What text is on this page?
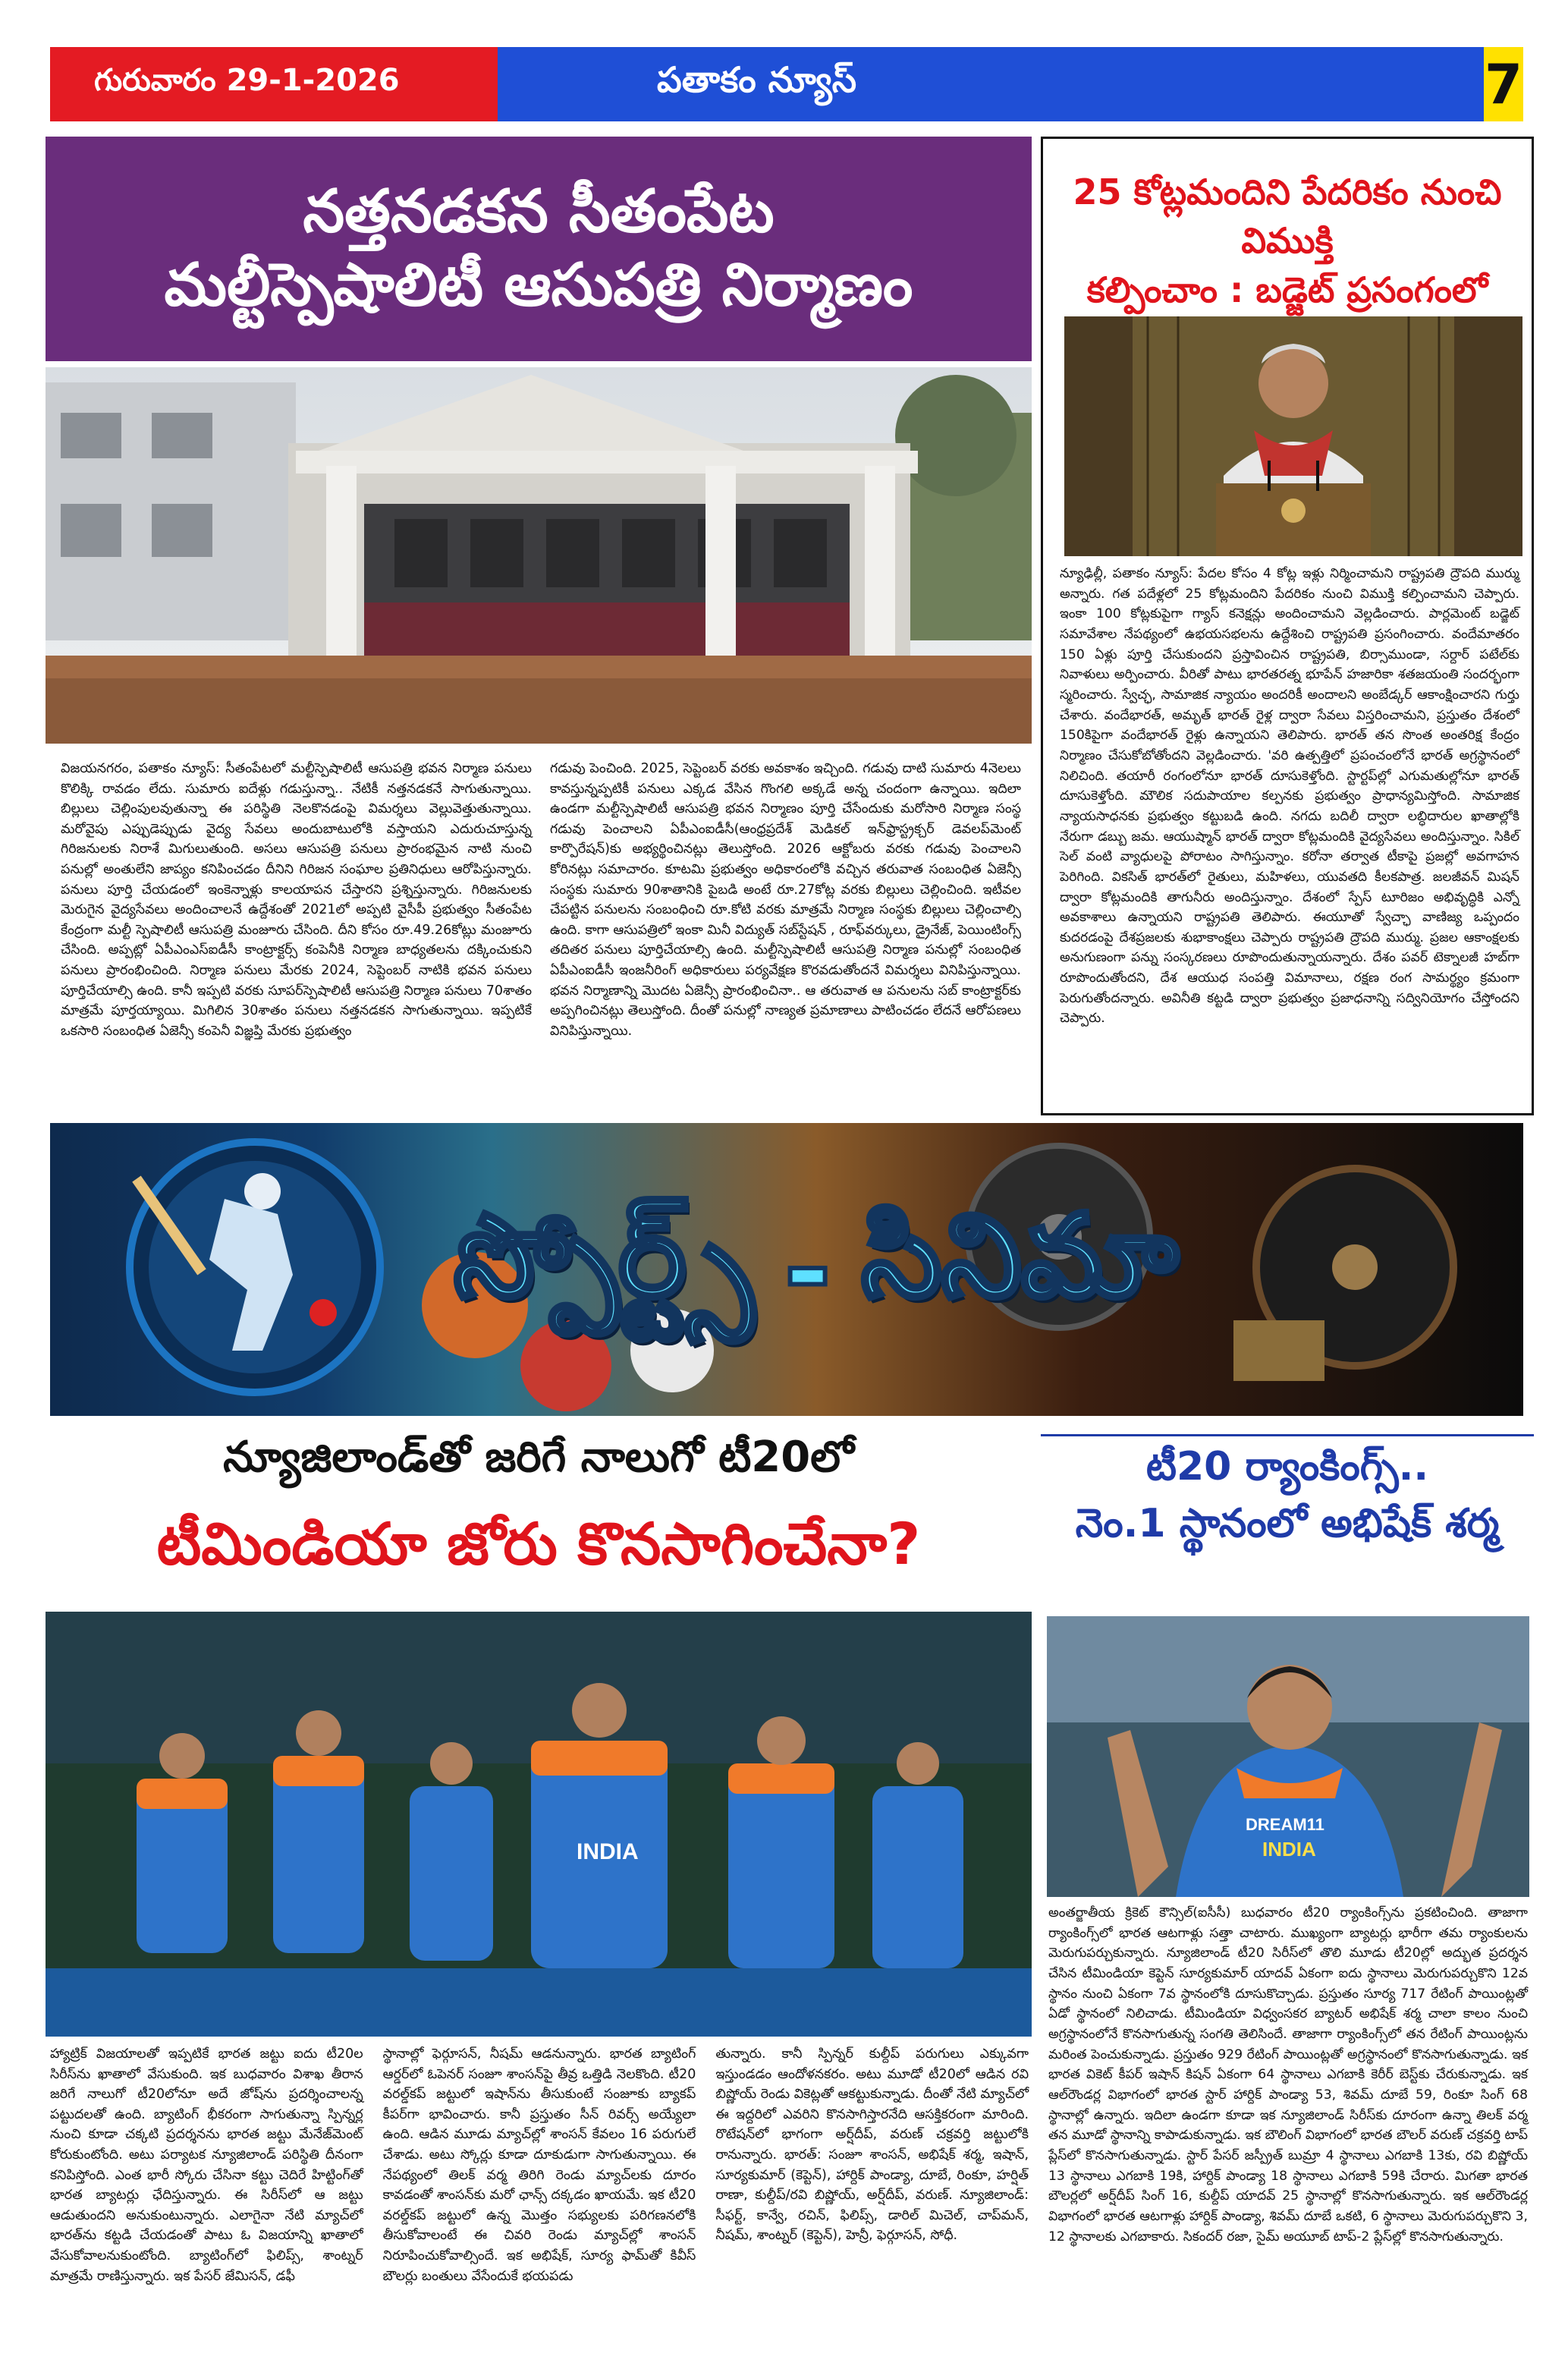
గురువారం 29-1-2026	పతాకం న్యూస్	7
నత్తనడకన సీతంపేట
మల్టీస్పెషాలిటీ ఆసుపత్రి నిర్మాణం
విజయనగరం, పతాకం న్యూస్: సీతంపేటలో మల్టీస్పెషాలిటీ ఆసుపత్రి భవన నిర్మాణ పనులు కొలిక్కి రావడం లేదు. సుమారు ఐదేళ్లు గడుస్తున్నా.. నేటికీ నత్తనడకనే సాగుతున్నాయి. బిల్లులు చెల్లింపులవుతున్నా ఈ పరిస్థితి నెలకొనడంపై విమర్శలు వెల్లువెత్తుతున్నాయి. మరోవైపు ఎప్పుడెప్పుడు వైద్య సేవలు అందుబాటులోకి వస్తాయని ఎదురుచూస్తున్న గిరిజనులకు నిరాశే మిగులుతుంది. అసలు ఆసుపత్రి పనులు ప్రారంభమైన నాటి నుంచి పనుల్లో అంతులేని జాప్యం కనిపించడం దీనిని గిరిజన సంఘాల ప్రతినిధులు ఆరోపిస్తున్నారు. పనులు పూర్తి చేయడంలో ఇంకెన్నాళ్లు కాలయాపన చేస్తారని ప్రశ్నిస్తున్నారు. గిరిజనులకు మెరుగైన వైద్యసేవలు అందించాలనే ఉద్దేశంతో 2021లో అప్పటి వైసీపీ ప్రభుత్వం సీతంపేట కేంద్రంగా మల్టీ స్పెషాలిటీ ఆసుపత్రి మంజూరు చేసింది. దీని కోసం రూ.49.26కోట్లు మంజూరు చేసింది. అప్పట్లో ఏపీఎంఎస్‌ఐడీసీ కాంట్రాక్టర్స్ కంపెనీకి నిర్మాణ బాధ్యతలను దక్కించుకుని పనులు ప్రారంభించింది. నిర్మాణ పనులు మేరకు 2024, సెప్టెంబర్ నాటికి భవన పనులు పూర్తిచేయాల్సి ఉంది. కానీ ఇప్పటి వరకు సూపర్‌స్పెషాలిటీ ఆసుపత్రి నిర్మాణ పనులు 70శాతం మాత్రమే పూర్తయ్యాయి. మిగిలిన 30శాతం పనులు నత్తనడకన సాగుతున్నాయి. ఇప్పటికే ఒకసారి సంబంధిత ఏజెన్సీ కంపెనీ విజ్ఞప్తి మేరకు ప్రభుత్వం
గడువు పెంచింది. 2025, సెప్టెంబర్ వరకు అవకాశం ఇచ్చింది. గడువు దాటి సుమారు 4నెలలు కావస్తున్నప్పటికీ పనులు ఎక్కడ వేసిన గొంగలి అక్కడే అన్న చందంగా ఉన్నాయి. ఇదిలా ఉండగా మల్టీస్పెషాలిటీ ఆసుపత్రి భవన నిర్మాణం పూర్తి చేసేందుకు మరోసారి నిర్మాణ సంస్థ గడువు పెంచాలని ఏపీఎంఐడీసీ(ఆంధ్రప్రదేశ్ మెడికల్ ఇన్‌ఫ్రాస్ట్రక్చర్ డెవలప్‌మెంట్ కార్పొరేషన్)కు అభ్యర్థించినట్లు తెలుస్తోంది. 2026 ఆక్టోబరు వరకు గడువు పెంచాలని కోరినట్లు సమాచారం. కూటమి ప్రభుత్వం అధికారంలోకి వచ్చిన తరువాత సంబంధిత ఏజెన్సీ సంస్థకు సుమారు 90శాతానికి పైబడి అంటే రూ.27కోట్ల వరకు బిల్లులు చెల్లించింది. ఇటీవల చేపట్టిన పనులను సంబంధించి రూ.కోటి వరకు మాత్రమే నిర్మాణ సంస్థకు బిల్లులు చెల్లించాల్సి ఉంది. కాగా ఆసుపత్రిలో ఇంకా మినీ విద్యుత్ సబ్‌స్టేషన్ , రూఫ్‌వర్కులు, డ్రైనేజ్, పెయింటింగ్స్ తదితర పనులు పూర్తిచేయాల్సి ఉంది. మల్టీస్పెషాలిటీ ఆసుపత్రి నిర్మాణ పనుల్లో సంబంధిత ఏపీఎంఐడీసీ ఇంజనీరింగ్ అధికారులు పర్యవేక్షణ కొరవడుతోందనే విమర్శలు వినిపిస్తున్నాయి. భవన నిర్మాణాన్ని మొదట ఏజెన్సీ ప్రారంభించినా.. ఆ తరువాత ఆ పనులను సబ్ కాంట్రాక్టర్‌కు అప్పగించినట్లు తెలుస్తోంది. దీంతో పనుల్లో నాణ్యత ప్రమాణాలు పాటించడం లేదనే ఆరోపణలు వినిపిస్తున్నాయి.
25 కోట్లమందిని పేదరికం నుంచి విముక్తి
కల్పించాం : బడ్జెట్ ప్రసంగంలో
న్యూఢిల్లీ, పతాకం న్యూస్: పేదల కోసం 4 కోట్ల ఇళ్లు నిర్మించామని రాష్ట్రపతి ద్రౌపది ముర్ము అన్నారు. గత పదేళ్లలో 25 కోట్లమందిని పేదరికం నుంచి విముక్తి కల్పించామని చెప్పారు. ఇంకా 100 కోట్లకుపైగా గ్యాస్ కనెక్షన్లు అందించామని వెల్లడించారు. పార్లమెంట్ బడ్జెట్ సమావేశాల నేపథ్యంలో ఉభయసభలను ఉద్దేశించి రాష్ట్రపతి ప్రసంగించారు. వందేమాతరం 150 ఏళ్లు పూర్తి చేసుకుందని ప్రస్తావించిన రాష్ట్రపతి, బిర్సాముండా, సర్దార్ పటేల్‌కు నివాళులు అర్పించారు. వీరితో పాటు భారతరత్న భూపేన్ హజారికా శతజయంతి సందర్భంగా స్మరించారు. స్వేచ్ఛ, సామాజిక న్యాయం అందరికీ అందాలని అంబేడ్కర్ ఆకాంక్షించారని గుర్తు చేశారు. వందేభారత్, అమృత్ భారత్ రైళ్ల ద్వారా సేవలు విస్తరించామని, ప్రస్తుతం దేశంలో 150కిపైగా వందేభారత్ రైళ్లు ఉన్నాయని తెలిపారు. భారత్ తన సొంత అంతరిక్ష కేంద్రం నిర్మాణం చేసుకోబోతోందని వెల్లడించారు. 'వరి ఉత్పత్తిలో ప్రపంచంలోనే భారత్ అగ్రస్థానంలో నిలిచింది. తయారీ రంగంలోనూ భారత్ దూసుకెళ్తోంది. స్టార్టప్‌ల్లో ఎగుమతుల్లోనూ భారత్ దూసుకెళ్తోంది. మౌలిక సదుపాయాల కల్పనకు ప్రభుత్వం ప్రాధాన్యమిస్తోంది. సామాజిక న్యాయసాధనకు ప్రభుత్వం కట్టుబడి ఉంది. నగదు బదిలీ ద్వారా లబ్ధిదారుల ఖాతాల్లోకి నేరుగా డబ్బు జమ. ఆయుష్మాన్ భారత్ ద్వారా కోట్లమందికి వైద్యసేవలు అందిస్తున్నాం. సికిల్ సెల్ వంటి వ్యాధులపై పోరాటం సాగిస్తున్నాం. కరోనా తర్వాత టీకాపై ప్రజల్లో అవగాహన పెరిగింది. వికసిత్ భారత్‌లో రైతులు, మహిళలు, యువతది కీలకపాత్ర. జలజీవన్ మిషన్ ద్వారా కోట్లమందికి తాగునీరు అందిస్తున్నాం. దేశంలో స్పేస్ టూరిజం అభివృద్ధికి ఎన్నో అవకాశాలు ఉన్నాయని రాష్ట్రపతి తెలిపారు. ఈయూతో స్వేచ్ఛా వాణిజ్య ఒప్పందం కుదరడంపై దేశప్రజలకు శుభాకాంక్షలు చెప్పారు రాష్ట్రపతి ద్రౌపది ముర్ము. ప్రజల ఆకాంక్షలకు అనుగుణంగా పన్ను సంస్కరణలు రూపొందుతున్నాయన్నారు. దేశం పవర్ టెక్నాలజీ హబ్‌గా రూపొందుతోందని, దేశ ఆయుధ సంపత్తి విమానాలు, రక్షణ రంగ సామర్థ్యం క్రమంగా పెరుగుతోందన్నారు. అవినీతి కట్టడి ద్వారా ప్రభుత్వం ప్రజాధనాన్ని సద్వినియోగం చేస్తోందని చెప్పారు.
స్పోర్ట్స్ - సినిమా
న్యూజిలాండ్‌తో జరిగే నాలుగో టీ20లో
టీమిండియా జోరు కొనసాగించేనా?
INDIA
హ్యాట్రిక్ విజయాలతో ఇప్పటికే భారత జట్టు ఐదు టీ20ల సిరీస్‌ను ఖాతాలో వేసుకుంది. ఇక బుధవారం విశాఖ తీరాన జరిగే నాలుగో టీ20లోనూ అదే జోష్‌ను ప్రదర్శించాలన్న పట్టుదలతో ఉంది. బ్యాటింగ్ భీకరంగా సాగుతున్నా స్పిన్నర్ల నుంచి కూడా చక్కటి ప్రదర్శనను భారత జట్టు మేనేజ్‌మెంట్ కోరుకుంటోంది. అటు పర్యాటక న్యూజిలాండ్ పరిస్థితి దీనంగా కనిపిస్తోంది. ఎంత భారీ స్కోరు చేసినా కట్టు చెదిరే హిట్టింగ్‌తో భారత బ్యాటర్లు ఛేదిస్తున్నారు. ఈ సిరీస్‌లో ఆ జట్టు ఆడుతుందని అనుకుంటున్నారు. ఎలాగైనా నేటి మ్యాచ్‌లో భారత్‌ను కట్టడి చేయడంతో పాటు ఓ విజయాన్ని ఖాతాలో వేసుకోవాలనుకుంటోంది. బ్యాటింగ్‌లో ఫిలిప్స్, శాంట్నర్ మాత్రమే రాణిస్తున్నారు. ఇక పేసర్ జేమిసన్, డఫీ
స్థానాల్లో ఫెర్గూసన్, నీషమ్ ఆడనున్నారు. భారత బ్యాటింగ్ ఆర్డర్‌లో ఓపెనర్ సంజూ శాంసన్‌పై తీవ్ర ఒత్తిడి నెలకొంది. టీ20 వరల్డ్‌కప్ జట్టులో ఇషాన్‌ను తీసుకుంటే సంజూకు బ్యాకప్ కీపర్‌గా భావించారు. కానీ ప్రస్తుతం సీన్ రివర్స్ అయ్యేలా ఉంది. ఆడిన మూడు మ్యాచ్‌ల్లో శాంసన్ కేవలం 16 పరుగులే చేశాడు. అటు స్కోర్లు కూడా దూకుడుగా సాగుతున్నాయి. ఈ నేపథ్యంలో తిలక్ వర్మ తిరిగి రెండు మ్యాచ్‌లకు దూరం కావడంతో శాంసన్‌కు మరో ఛాన్స్ దక్కడం ఖాయమే. ఇక టీ20 వరల్డ్‌కప్ జట్టులో ఉన్న మొత్తం సభ్యులకు పరిగణనలోకి తీసుకోవాలంటే ఈ చివరి రెండు మ్యాచ్‌ల్లో శాంసన్ నిరూపించుకోవాల్సిందే. ఇక అభిషేక్, సూర్య ఫామ్‌తో కివీస్ బౌలర్లు బంతులు వేసేందుకే భయపడు
తున్నారు. కానీ స్పిన్నర్ కుల్దీప్ పరుగులు ఎక్కువగా ఇస్తుండడం ఆందోళనకరం. అటు మూడో టీ20లో ఆడిన రవి బిష్ణోయ్ రెండు వికెట్లతో ఆకట్టుకున్నాడు. దీంతో నేటి మ్యాచ్‌లో ఈ ఇద్దరిలో ఎవరిని కొనసాగిస్తారనేది ఆసక్తికరంగా మారింది. రొటేషన్‌లో భాగంగా అర్ష్‌దీప్, వరుణ్ చక్రవర్తి జట్టులోకి రానున్నారు. భారత్: సంజూ శాంసన్, అభిషేక్ శర్మ, ఇషాన్, సూర్యకుమార్ (కెప్టెన్), హార్దిక్ పాండ్యా, దూబే, రింకూ, హర్షిత్ రాణా, కుల్దీప్/రవి బిష్ణోయ్, అర్ష్‌దీప్, వరుణ్. న్యూజిలాండ్: సీఫర్ట్, కాన్వే, రచిన్, ఫిలిప్స్, డారిల్ మిచెల్, చాప్‌మన్, నీషమ్, శాంట్నర్ (కెప్టెన్), హెన్రీ, ఫెర్గూసన్, సోధీ.
టీ20 ర్యాంకింగ్స్..
నెం.1 స్థానంలో అభిషేక్ శర్మ
DREAM11
INDIA
అంతర్జాతీయ క్రికెట్ కౌన్సిల్(ఐసీసీ) బుధవారం టీ20 ర్యాంకింగ్స్‌ను ప్రకటించింది. తాజాగా ర్యాంకింగ్స్‌లో భారత ఆటగాళ్లు సత్తా చాటారు. ముఖ్యంగా బ్యాటర్లు భారీగా తమ ర్యాంకులను మెరుగుపర్చుకున్నారు. న్యూజిలాండ్ టీ20 సిరీస్‌లో తొలి మూడు టీ20ల్లో అద్భుత ప్రదర్శన చేసిన టీమిండియా కెప్టెన్ సూర్యకుమార్ యాదవ్ ఏకంగా ఐదు స్థానాలు మెరుగుపర్చుకొని 12వ స్థానం నుంచి ఏకంగా 7వ స్థానంలోకి దూసుకొచ్చాడు. ప్రస్తుతం సూర్య 717 రేటింగ్ పాయింట్లతో ఏడో స్థానంలో నిలిచాడు. టీమిండియా విధ్వంసకర బ్యాటర్ అభిషేక్ శర్మ చాలా కాలం నుంచి అగ్రస్థానంలోనే కొనసాగుతున్న సంగతి తెలిసిందే. తాజాగా ర్యాంకింగ్స్‌లో తన రేటింగ్ పాయింట్లను మరింత పెంచుకున్నాడు. ప్రస్తుతం 929 రేటింగ్ పాయింట్లతో అగ్రస్థానంలో కొనసాగుతున్నాడు. ఇక భారత వికెట్ కీపర్ ఇషాన్ కిషన్ ఏకంగా 64 స్థానాలు ఎగబాకి కెరీర్ బెస్ట్‌కు చేరుకున్నాడు. ఇక ఆల్‌రౌండర్ల విభాగంలో భారత స్టార్ హార్దిక్ పాండ్యా 53, శివమ్ దూబే 59, రింకూ సింగ్ 68 స్థానాల్లో ఉన్నారు. ఇదిలా ఉండగా కూడా ఇక న్యూజిలాండ్ సిరీస్‌కు దూరంగా ఉన్నా తిలక్ వర్మ తన మూడో స్థానాన్ని కాపాడుకున్నాడు. ఇక బౌలింగ్ విభాగంలో భారత బౌలర్ వరుణ్ చక్రవర్తి టాప్ ప్లేస్‌లో కొనసాగుతున్నాడు. స్టార్ పేసర్ జస్ప్రీత్ బుమ్రా 4 స్థానాలు ఎగబాకి 13కు, రవి బిష్ణోయ్ 13 స్థానాలు ఎగబాకి 19కి, హార్దిక్ పాండ్యా 18 స్థానాలు ఎగబాకి 59కి చేరారు. మిగతా భారత బౌలర్లలో అర్ష్‌దీప్ సింగ్ 16, కుల్దీప్ యాదవ్ 25 స్థానాల్లో కొనసాగుతున్నారు. ఇక ఆల్‌రౌండర్ల విభాగంలో భారత ఆటగాళ్లు హార్దిక్ పాండ్యా, శివమ్ దూబే ఒకటి, 6 స్థానాలు మెరుగుపర్చుకొని 3, 12 స్థానాలకు ఎగబాకారు. సికందర్ రజా, సైమ్ అయూబ్ టాప్-2 ప్లేస్‌ల్లో కొనసాగుతున్నారు.
